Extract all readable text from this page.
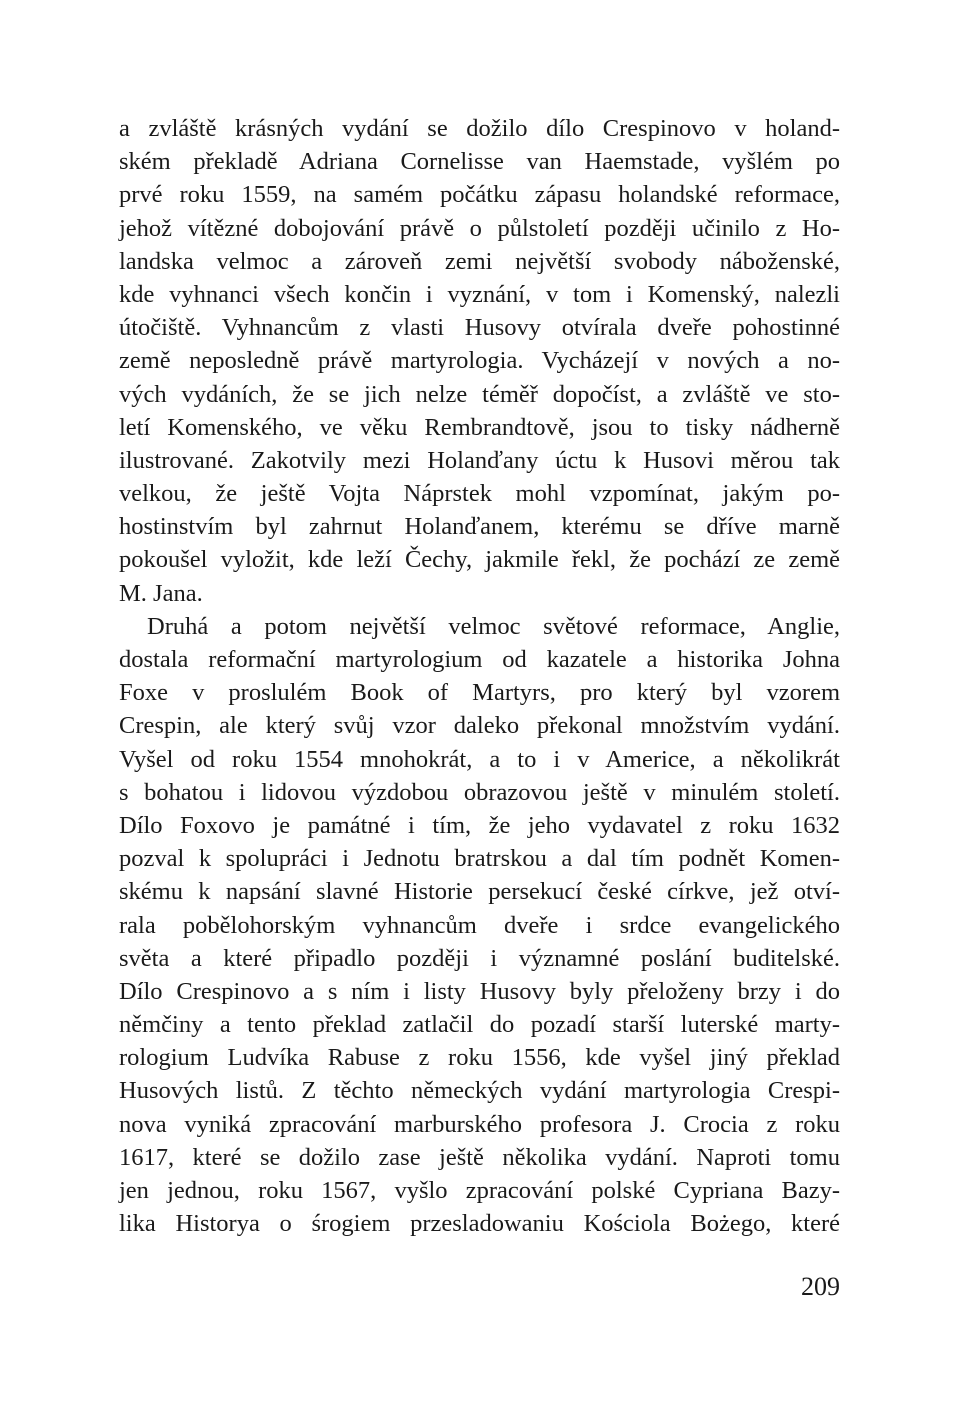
a zvláště krásných vydání se dožilo dílo Crespinovo v holand-
ském překladě Adriana Cornelisse van Haemstade, vyšlém po
prvé roku 1559, na samém počátku zápasu holandské reformace,
jehož vítězné dobojování právě o půlstoletí později učinilo z Ho-
landska velmoc a zároveň zemi největší svobody náboženské,
kde vyhnanci všech končin i vyznání, v tom i Komenský, nalezli
útočiště. Vyhnancům z vlasti Husovy otvírala dveře pohostinné
země neposledně právě martyrologia. Vycházejí v nových a no-
vých vydáních, že se jich nelze téměř dopočíst, a zvláště ve sto-
letí Komenského, ve věku Rembrandtově, jsou to tisky nádherně
ilustrované. Zakotvily mezi Holanďany úctu k Husovi měrou tak
velkou, že ještě Vojta Náprstek mohl vzpomínat, jakým po-
hostinstvím byl zahrnut Holanďanem, kterému se dříve marně
pokoušel vyložit, kde leží Čechy, jakmile řekl, že pochází ze země
M. Jana.
Druhá a potom největší velmoc světové reformace, Anglie,
dostala reformační martyrologium od kazatele a historika Johna
Foxe v proslulém Book of Martyrs, pro který byl vzorem
Crespin, ale který svůj vzor daleko překonal množstvím vydání.
Vyšel od roku 1554 mnohokrát, a to i v Americe, a několikrát
s bohatou i lidovou výzdobou obrazovou ještě v minulém století.
Dílo Foxovo je památné i tím, že jeho vydavatel z roku 1632
pozval k spolupráci i Jednotu bratrskou a dal tím podnět Komen-
skému k napsání slavné Historie persekucí české církve, jež otví-
rala pobělohorským vyhnancům dveře i srdce evangelického
světa a které připadlo později i významné poslání buditelské.
Dílo Crespinovo a s ním i listy Husovy byly přeloženy brzy i do
němčiny a tento překlad zatlačil do pozadí starší luterské marty-
rologium Ludvíka Rabuse z roku 1556, kde vyšel jiný překlad
Husových listů. Z těchto německých vydání martyrologia Crespi-
nova vyniká zpracování marburského profesora J. Crocia z roku
1617, které se dožilo zase ještě několika vydání. Naproti tomu
jen jednou, roku 1567, vyšlo zpracování polské Cypriana Bazy-
lika Historya o śrogiem przesladowaniu Kościola Bożego, které
209
